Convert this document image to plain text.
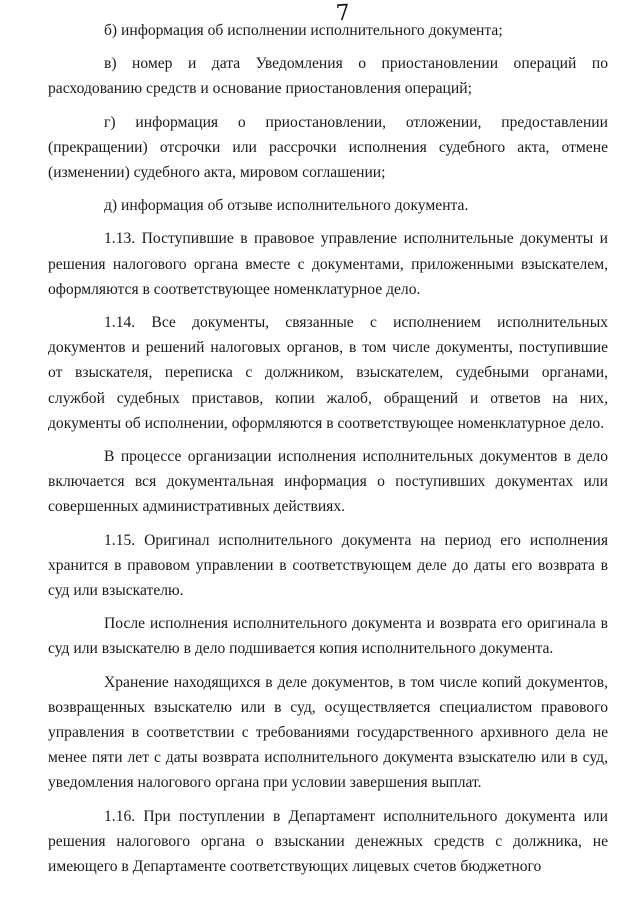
7

б) информация об исполнении исполнительного документа;

в) номер и дата Уведомления о приостановлении операций по расходованию средств и основание приостановления операций;

г) информация о приостановлении, отложении, предоставлении (прекращении) отсрочки или рассрочки исполнения судебного акта, отмене (изменении) судебного акта, мировом соглашении;

д) информация об отзыве исполнительного документа.

1.13. Поступившие в правовое управление исполнительные документы и решения налогового органа вместе с документами, приложенными взыскателем, оформляются в соответствующее номенклатурное дело.

1.14. Все документы, связанные с исполнением исполнительных документов и решений налоговых органов, в том числе документы, поступившие от взыскателя, переписка с должником, взыскателем, судебными органами, службой судебных приставов, копии жалоб, обращений и ответов на них, документы об исполнении, оформляются в соответствующее номенклатурное дело.

В процессе организации исполнения исполнительных документов в дело включается вся документальная информация о поступивших документах или совершенных административных действиях.

1.15. Оригинал исполнительного документа на период его исполнения хранится в правовом управлении в соответствующем деле до даты его возврата в суд или взыскателю.

После исполнения исполнительного документа и возврата его оригинала в суд или взыскателю в дело подшивается копия исполнительного документа.

Хранение находящихся в деле документов, в том числе копий документов, возвращенных взыскателю или в суд, осуществляется специалистом правового управления в соответствии с требованиями государственного архивного дела не менее пяти лет с даты возврата исполнительного документа взыскателю или в суд, уведомления налогового органа при условии завершения выплат.

1.16. При поступлении в Департамент исполнительного документа или решения налогового органа о взыскании денежных средств с должника, не имеющего в Департаменте соответствующих лицевых счетов бюджетного
